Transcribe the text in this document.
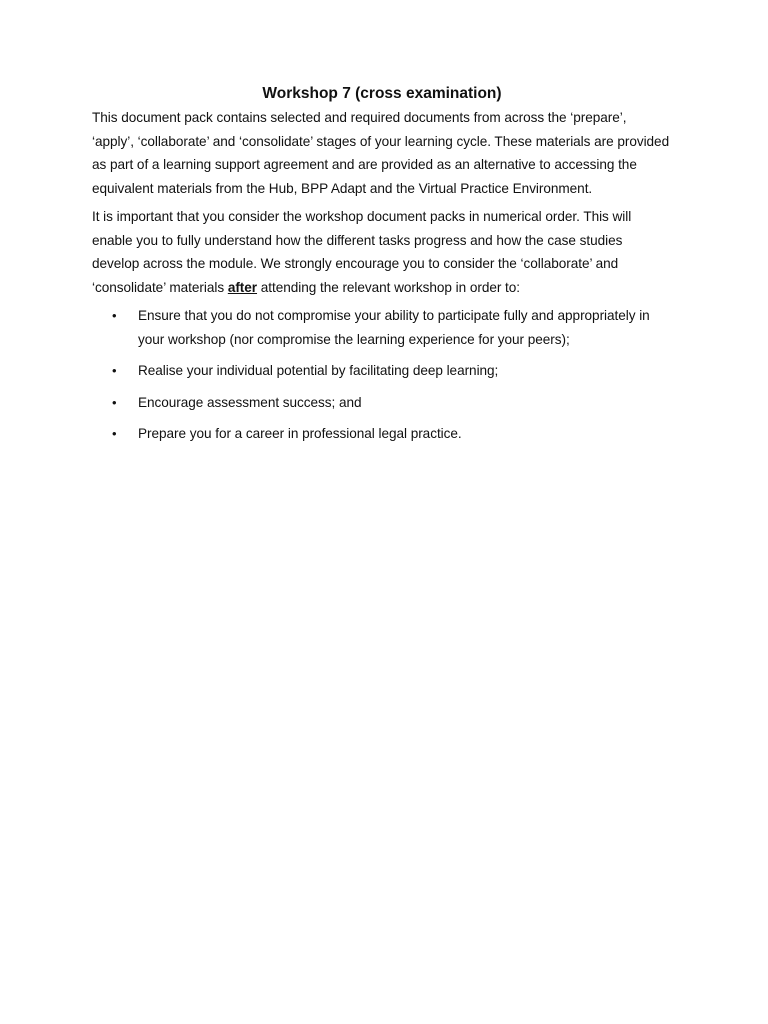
Workshop 7 (cross examination)

This document pack contains selected and required documents from across the ‘prepare’, ‘apply’, ‘collaborate’ and ‘consolidate’ stages of your learning cycle. These materials are provided as part of a learning support agreement and are provided as an alternative to accessing the equivalent materials from the Hub, BPP Adapt and the Virtual Practice Environment.

It is important that you consider the workshop document packs in numerical order. This will enable you to fully understand how the different tasks progress and how the case studies develop across the module. We strongly encourage you to consider the ‘collaborate’ and ‘consolidate’ materials after attending the relevant workshop in order to:

• Ensure that you do not compromise your ability to participate fully and appropriately in your workshop (nor compromise the learning experience for your peers);
• Realise your individual potential by facilitating deep learning;
• Encourage assessment success; and
• Prepare you for a career in professional legal practice.
